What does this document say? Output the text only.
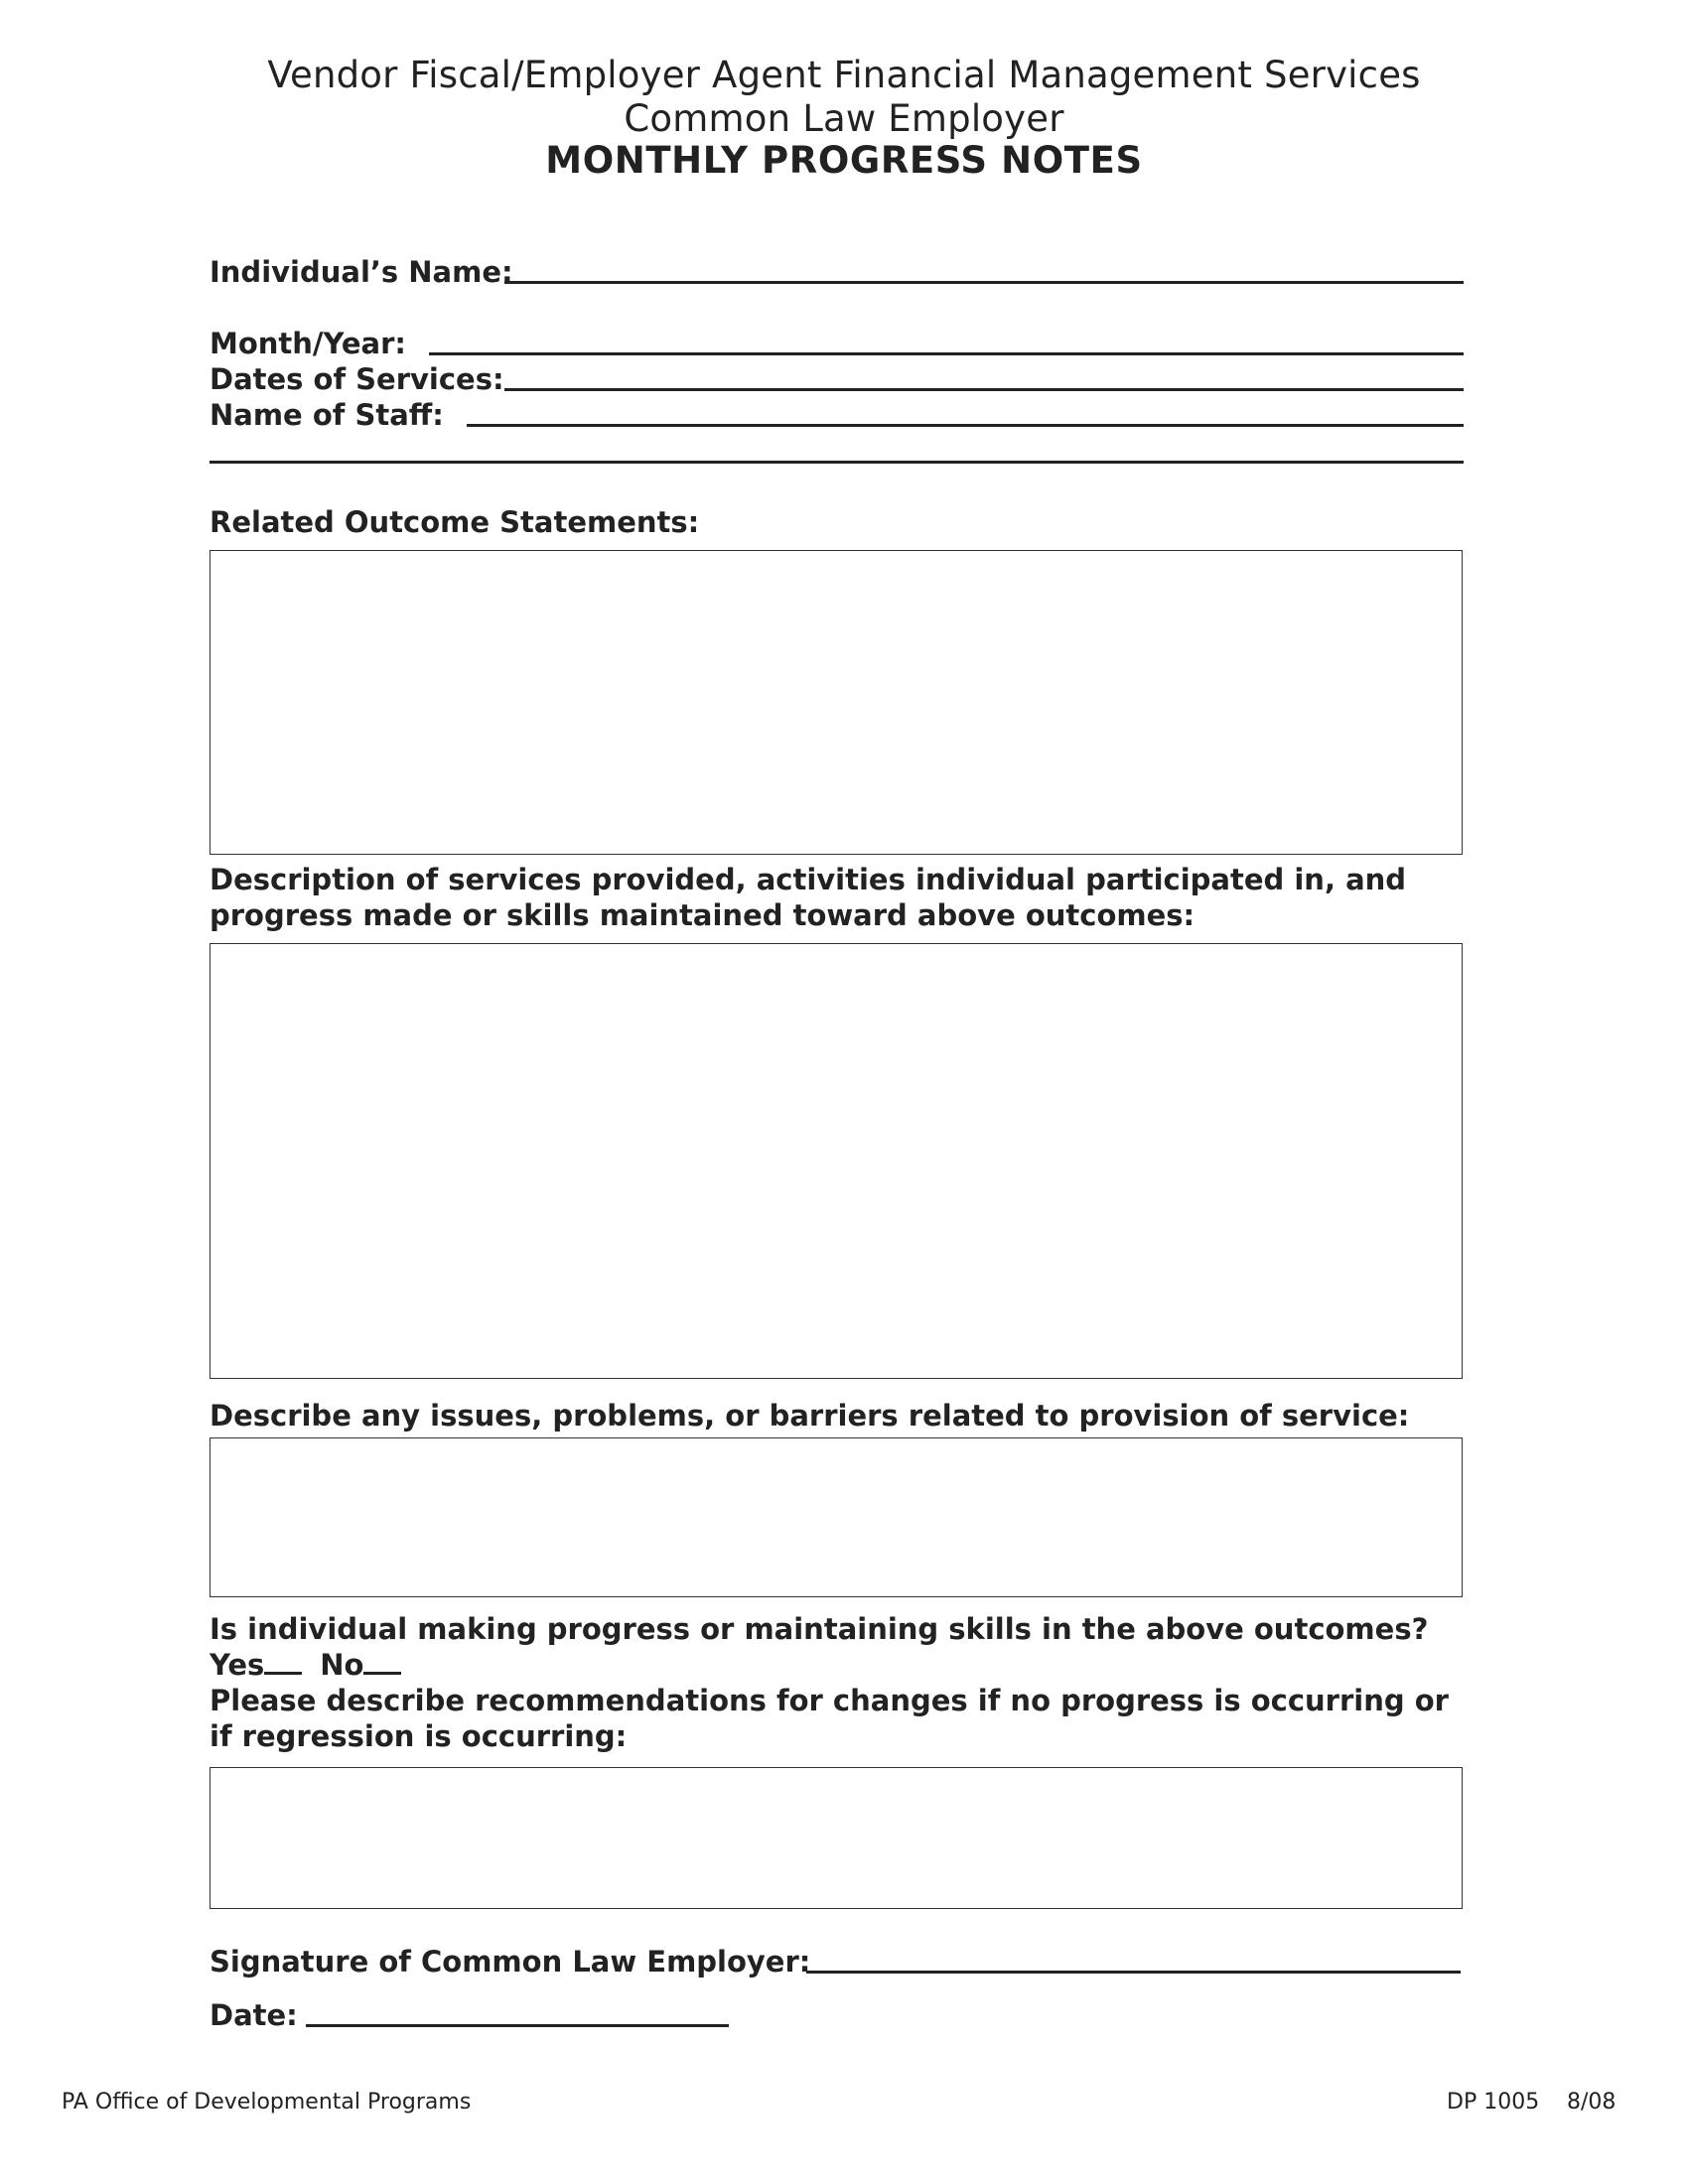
Vendor Fiscal/Employer Agent Financial Management Services
Common Law Employer
MONTHLY PROGRESS NOTES
Individual’s Name:
Month/Year:
Dates of Services:
Name of Staff:
Related Outcome Statements:
Description of services provided, activities individual participated in, and progress made or skills maintained toward above outcomes:
Describe any issues, problems, or barriers related to provision of service:
Is individual making progress or maintaining skills in the above outcomes?
Yes No
Please describe recommendations for changes if no progress is occurring or if regression is occurring:
Signature of Common Law Employer:
Date:
PA Office of Developmental Programs	DP 1005 8/08
